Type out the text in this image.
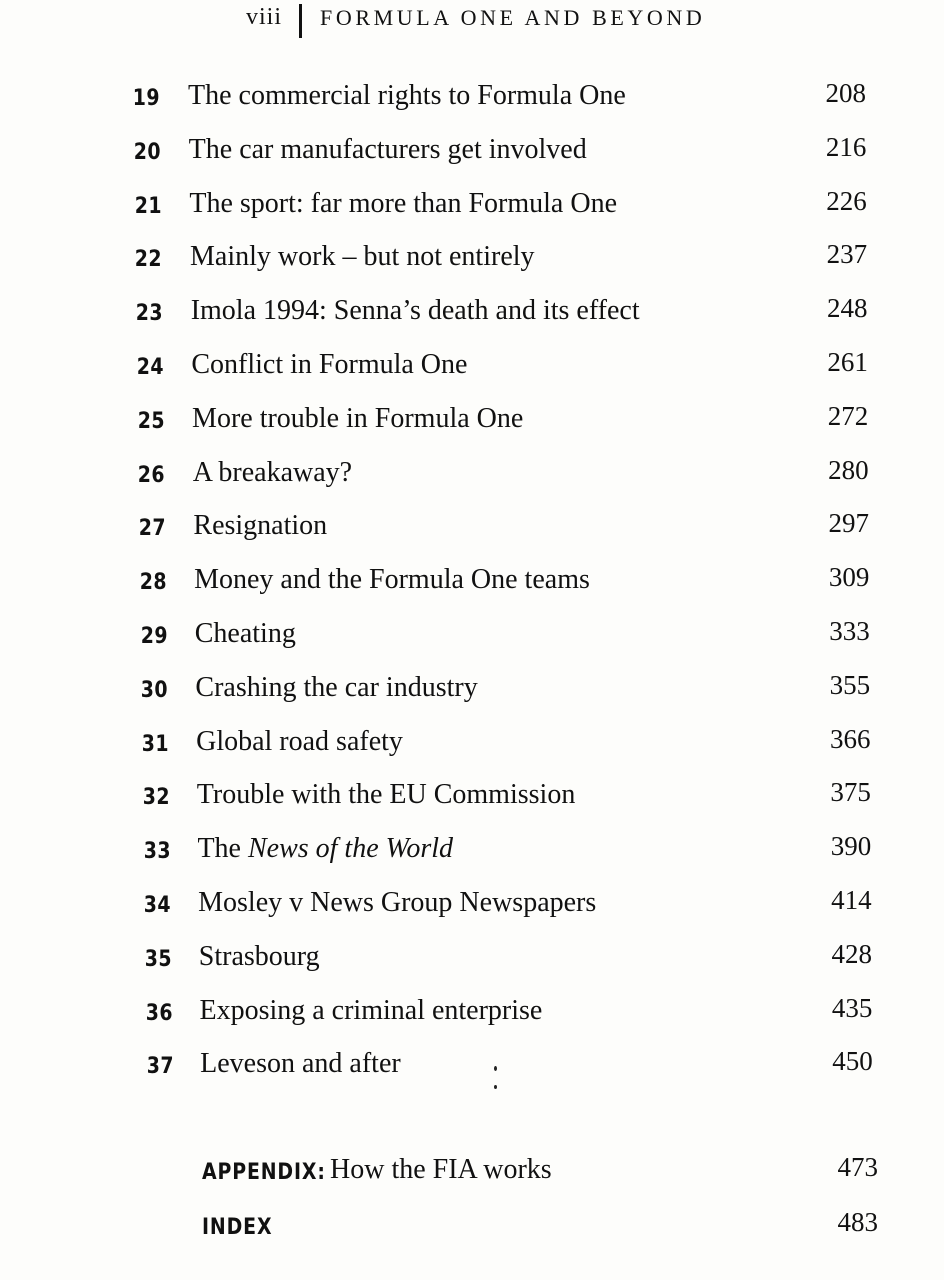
viii FORMULA ONE AND BEYOND
19 The commercial rights to Formula One	208
20 The car manufacturers get involved	216
21 The sport: far more than Formula One	226
22 Mainly work – but not entirely	237
23 Imola 1994: Senna’s death and its effect	248
24 Conflict in Formula One	261
25 More trouble in Formula One	272
26 A breakaway?	280
27 Resignation	297
28 Money and the Formula One teams	309
29 Cheating	333
30 Crashing the car industry	355
31 Global road safety	366
32 Trouble with the EU Commission	375
33 The News of the World	390
34 Mosley v News Group Newspapers	414
35 Strasbourg	428
36 Exposing a criminal enterprise	435
37 Leveson and after	450
APPENDIX: How the FIA works	473
INDEX	483
